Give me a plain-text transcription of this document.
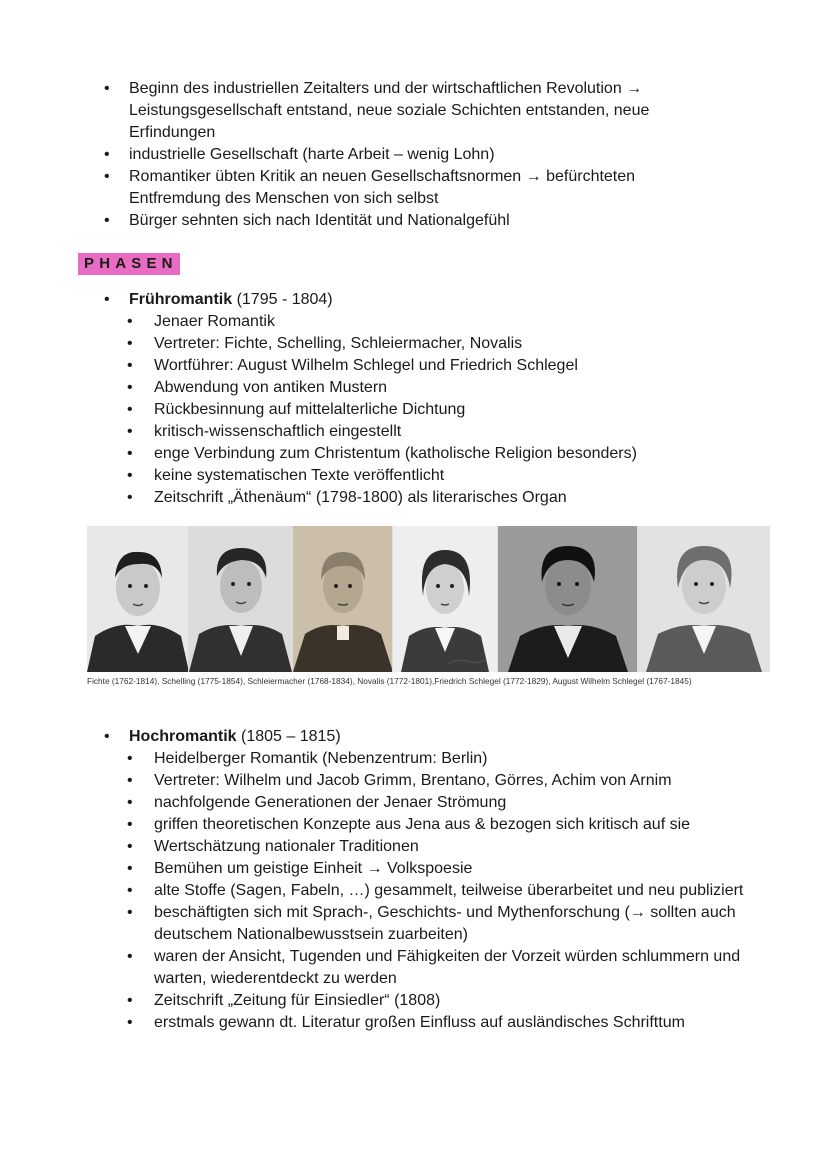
• Beginn des industriellen Zeitalters und der wirtschaftlichen Revolution → Leistungsgesellschaft entstand, neue soziale Schichten entstanden, neue Erfindungen
• industrielle Gesellschaft (harte Arbeit – wenig Lohn)
• Romantiker übten Kritik an neuen Gesellschaftsnormen → befürchteten Entfremdung des Menschen von sich selbst
• Bürger sehnten sich nach Identität und Nationalgefühl
PHASEN
• Frühromantik (1795 - 1804)
• Jenaer Romantik
• Vertreter: Fichte, Schelling, Schleiermacher, Novalis
• Wortführer: August Wilhelm Schlegel und Friedrich Schlegel
• Abwendung von antiken Mustern
• Rückbesinnung auf mittelalterliche Dichtung
• kritisch-wissenschaftlich eingestellt
• enge Verbindung zum Christentum (katholische Religion besonders)
• keine systematischen Texte veröffentlicht
• Zeitschrift „Äthenäum“ (1798-1800) als literarisches Organ
Fichte (1762-1814), Schelling (1775-1854), Schleiermacher (1768-1834), Novalis (1772-1801),Friedrich Schlegel (1772-1829), August Wilhelm Schlegel (1767-1845)
• Hochromantik (1805 – 1815)
• Heidelberger Romantik (Nebenzentrum: Berlin)
• Vertreter: Wilhelm und Jacob Grimm, Brentano, Görres, Achim von Arnim
• nachfolgende Generationen der Jenaer Strömung
• griffen theoretischen Konzepte aus Jena aus & bezogen sich kritisch auf sie
• Wertschätzung nationaler Traditionen
• Bemühen um geistige Einheit → Volkspoesie
• alte Stoffe (Sagen, Fabeln, …) gesammelt, teilweise überarbeitet und neu publiziert
• beschäftigten sich mit Sprach-, Geschichts- und Mythenforschung (→ sollten auch deutschem Nationalbewusstsein zuarbeiten)
• waren der Ansicht, Tugenden und Fähigkeiten der Vorzeit würden schlummern und warten, wiederentdeckt zu werden
• Zeitschrift „Zeitung für Einsiedler“ (1808)
• erstmals gewann dt. Literatur großen Einfluss auf ausländisches Schrifttum
